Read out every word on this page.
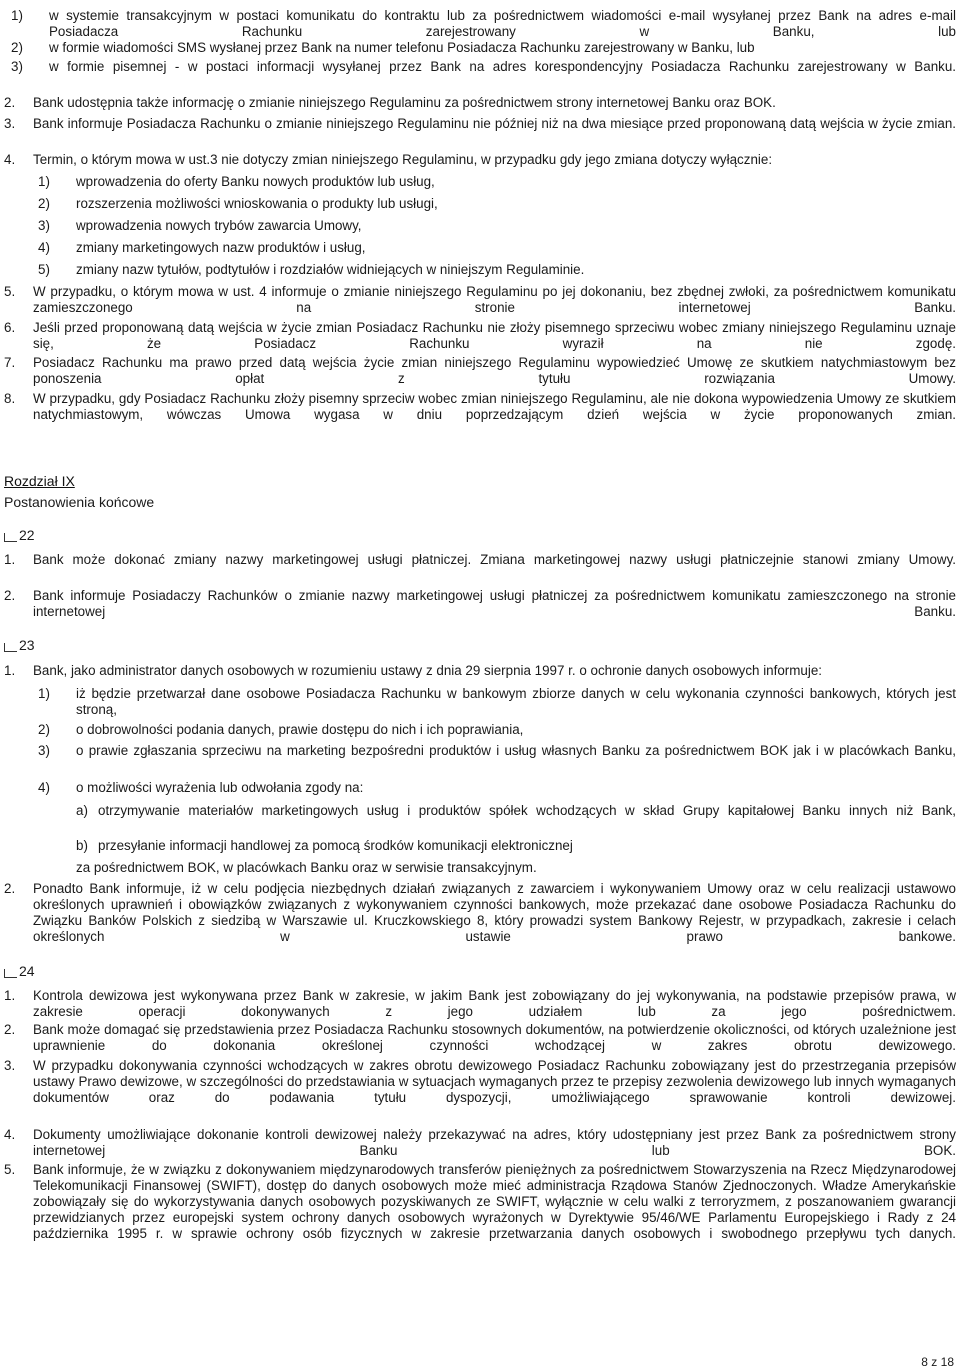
1) w systemie transakcyjnym w postaci komunikatu do kontraktu lub za pośrednictwem wiadomości e-mail wysyłanej przez Bank na adres e-mail Posiadacza Rachunku zarejestrowany w Banku, lub
2) w formie wiadomości SMS wysłanej przez Bank na numer telefonu Posiadacza Rachunku zarejestrowany w Banku, lub
3) w formie pisemnej - w postaci informacji wysyłanej przez Bank na adres korespondencyjny Posiadacza Rachunku zarejestrowany w Banku.
2. Bank udostępnia także informację o zmianie niniejszego Regulaminu za pośrednictwem strony internetowej Banku oraz BOK.
3. Bank informuje Posiadacza Rachunku o zmianie niniejszego Regulaminu nie później niż na dwa miesiące przed proponowaną datą wejścia w życie zmian.
4. Termin, o którym mowa w ust.3 nie dotyczy zmian niniejszego Regulaminu, w przypadku gdy jego zmiana dotyczy wyłącznie:
1) wprowadzenia do oferty Banku nowych produktów lub usług,
2) rozszerzenia możliwości wnioskowania o produkty lub usługi,
3) wprowadzenia nowych trybów zawarcia Umowy,
4) zmiany marketingowych nazw produktów i usług,
5) zmiany nazw tytułów, podtytułów i rozdziałów widniejących w niniejszym Regulaminie.
5. W przypadku, o którym mowa w ust. 4 informuje o zmianie niniejszego Regulaminu po jej dokonaniu, bez zbędnej zwłoki, za pośrednictwem komunikatu zamieszczonego na stronie internetowej Banku.
6. Jeśli przed proponowaną datą wejścia w życie zmian Posiadacz Rachunku nie złoży pisemnego sprzeciwu wobec zmiany niniejszego Regulaminu uznaje się, że Posiadacz Rachunku wyraził na nie zgodę.
7. Posiadacz Rachunku ma prawo przed datą wejścia życie zmian niniejszego Regulaminu wypowiedzieć Umowę ze skutkiem natychmiastowym bez ponoszenia opłat z tytułu rozwiązania Umowy.
8. W przypadku, gdy Posiadacz Rachunku złoży pisemny sprzeciw wobec zmian niniejszego Regulaminu, ale nie dokona wypowiedzenia Umowy ze skutkiem natychmiastowym, wówczas Umowa wygasa w dniu poprzedzającym dzień wejścia w życie proponowanych zmian.
Rozdział IX
Postanowienia końcowe
22
1. Bank może dokonać zmiany nazwy marketingowej usługi płatniczej. Zmiana marketingowej nazwy usługi płatniczejnie stanowi zmiany Umowy.
2. Bank informuje Posiadaczy Rachunków o zmianie nazwy marketingowej usługi płatniczej za pośrednictwem komunikatu zamieszczonego na stronie internetowej Banku.
23
1. Bank, jako administrator danych osobowych w rozumieniu ustawy z dnia 29 sierpnia 1997 r. o ochronie danych osobowych informuje:
1) iż będzie przetwarzał dane osobowe Posiadacza Rachunku w bankowym zbiorze danych w celu wykonania czynności bankowych, których jest stroną,
2) o dobrowolności podania danych, prawie dostępu do nich i ich poprawiania,
3) o prawie zgłaszania sprzeciwu na marketing bezpośredni produktów i usług własnych Banku za pośrednictwem BOK jak i w placówkach Banku,
4) o możliwości wyrażenia lub odwołania zgody na:
a) otrzymywanie materiałów marketingowych usług i produktów spółek wchodzących w skład Grupy kapitałowej Banku innych niż Bank,
b) przesyłanie informacji handlowej za pomocą środków komunikacji elektronicznej
za pośrednictwem BOK, w placówkach Banku oraz w serwisie transakcyjnym.
2. Ponadto Bank informuje, iż w celu podjęcia niezbędnych działań związanych z zawarciem i wykonywaniem Umowy oraz w celu realizacji ustawowo określonych uprawnień i obowiązków związanych z wykonywaniem czynności bankowych, może przekazać dane osobowe Posiadacza Rachunku do Związku Banków Polskich z siedzibą w Warszawie ul. Kruczkowskiego 8, który prowadzi system Bankowy Rejestr, w przypadkach, zakresie i celach określonych w ustawie prawo bankowe.
24
1. Kontrola dewizowa jest wykonywana przez Bank w zakresie, w jakim Bank jest zobowiązany do jej wykonywania, na podstawie przepisów prawa, w zakresie operacji dokonywanych z jego udziałem lub za jego pośrednictwem.
2. Bank może domagać się przedstawienia przez Posiadacza Rachunku stosownych dokumentów, na potwierdzenie okoliczności, od których uzależnione jest uprawnienie do dokonania określonej czynności wchodzącej w zakres obrotu dewizowego.
3. W przypadku dokonywania czynności wchodzących w zakres obrotu dewizowego Posiadacz Rachunku zobowiązany jest do przestrzegania przepisów ustawy Prawo dewizowe, w szczególności do przedstawiania w sytuacjach wymaganych przez te przepisy zezwolenia dewizowego lub innych wymaganych dokumentów oraz do podawania tytułu dyspozycji, umożliwiającego sprawowanie kontroli dewizowej.
4. Dokumenty umożliwiające dokonanie kontroli dewizowej należy przekazywać na adres, który udostępniany jest przez Bank za pośrednictwem strony internetowej Banku lub BOK.
5. Bank informuje, że w związku z dokonywaniem międzynarodowych transferów pieniężnych za pośrednictwem Stowarzyszenia na Rzecz Międzynarodowej Telekomunikacji Finansowej (SWIFT), dostęp do danych osobowych może mieć administracja Rządowa Stanów Zjednoczonych. Władze Amerykańskie zobowiązały się do wykorzystywania danych osobowych pozyskiwanych ze SWIFT, wyłącznie w celu walki z terroryzmem, z poszanowaniem gwarancji przewidzianych przez europejski system ochrony danych osobowych wyrażonych w Dyrektywie 95/46/WE Parlamentu Europejskiego i Rady z 24 października 1995 r. w sprawie ochrony osób fizycznych w zakresie przetwarzania danych osobowych i swobodnego przepływu tych danych.
8 z 18
